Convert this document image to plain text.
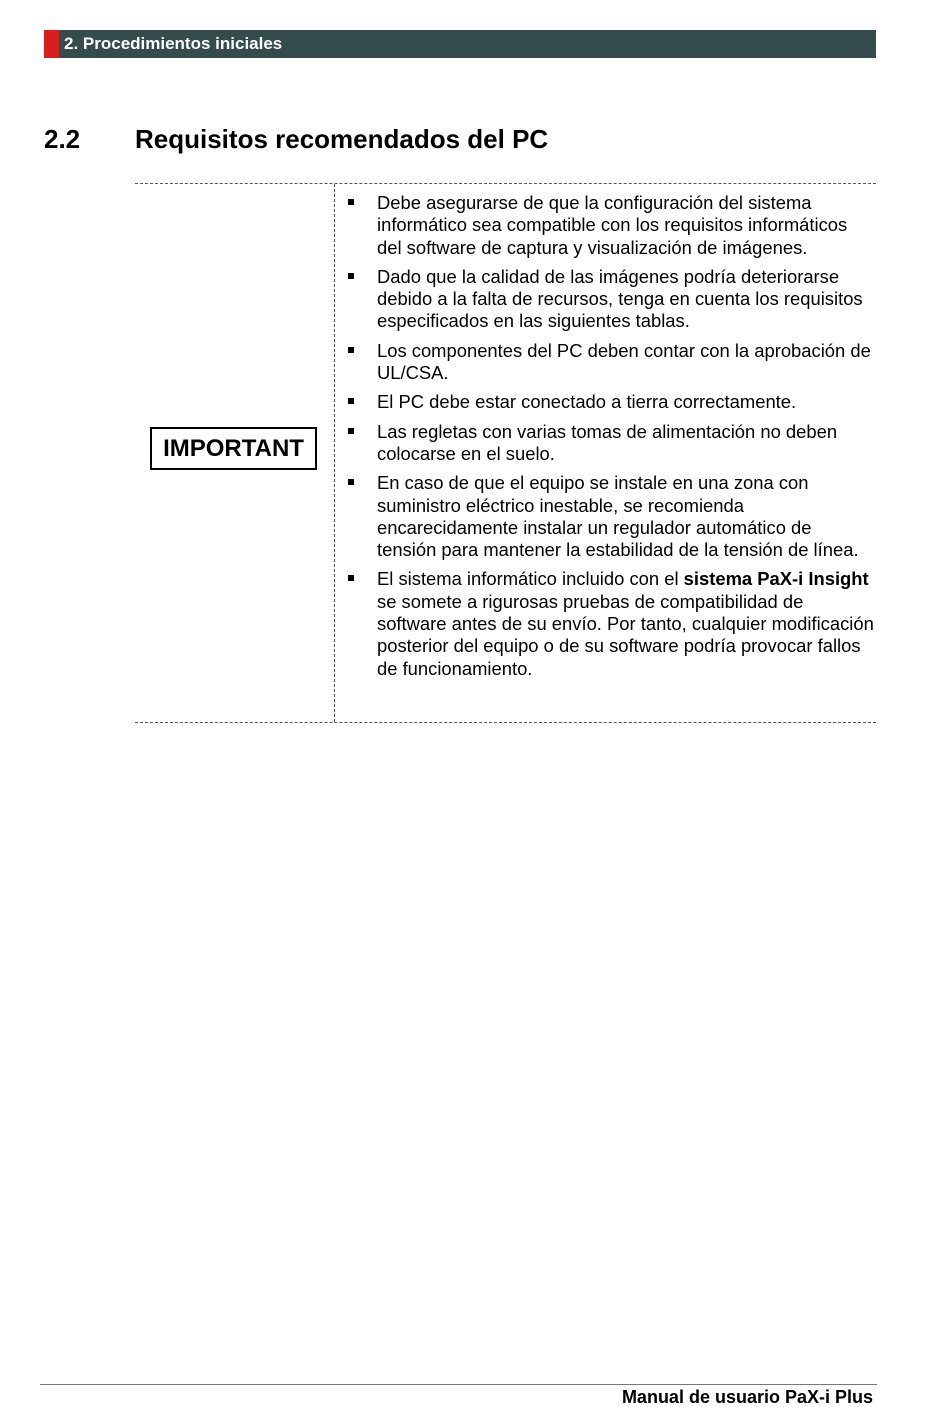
2. Procedimientos iniciales
2.2 Requisitos recomendados del PC
IMPORTANT
Debe asegurarse de que la configuración del sistema informático sea compatible con los requisitos informáticos del software de captura y visualización de imágenes.
Dado que la calidad de las imágenes podría deteriorarse debido a la falta de recursos, tenga en cuenta los requisitos especificados en las siguientes tablas.
Los componentes del PC deben contar con la aprobación de UL/CSA.
El PC debe estar conectado a tierra correctamente.
Las regletas con varias tomas de alimentación no deben colocarse en el suelo.
En caso de que el equipo se instale en una zona con suministro eléctrico inestable, se recomienda encarecidamente instalar un regulador automático de tensión para mantener la estabilidad de la tensión de línea.
El sistema informático incluido con el sistema PaX-i Insight se somete a rigurosas pruebas de compatibilidad de software antes de su envío. Por tanto, cualquier modificación posterior del equipo o de su software podría provocar fallos de funcionamiento.
Manual de usuario PaX-i Plus
